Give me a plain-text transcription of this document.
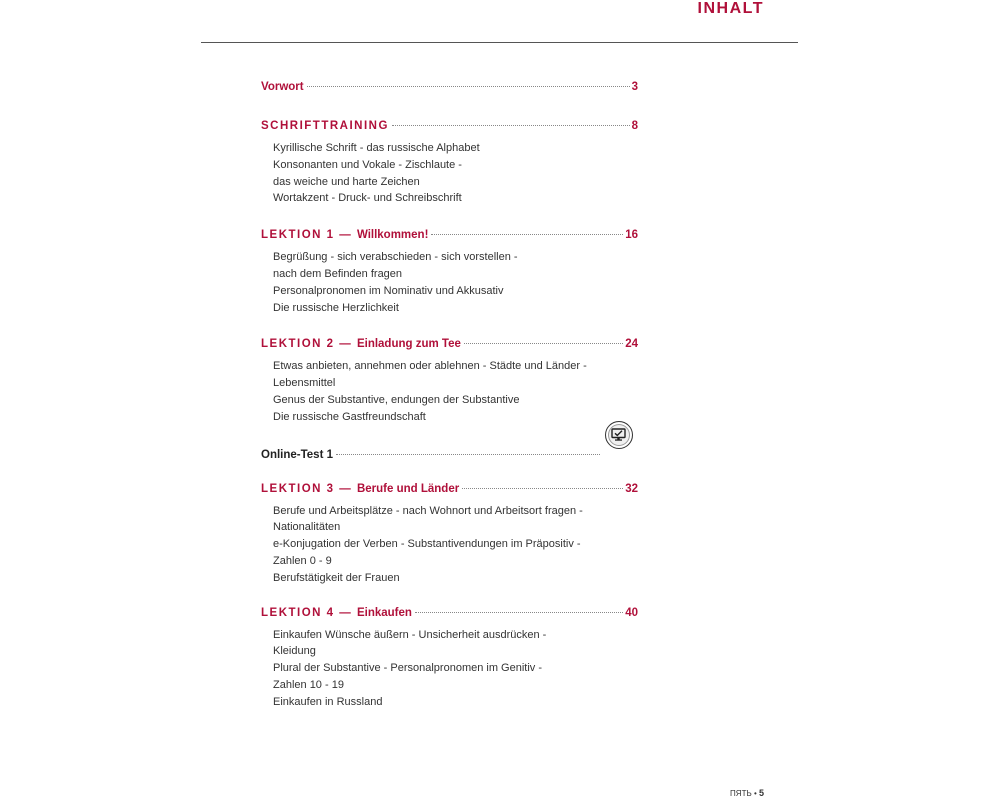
INHALT
Vorwort	3
SCHRIFTTRAINING	8
Kyrillische Schrift - das russische Alphabet
Konsonanten und Vokale - Zischlaute -
das weiche und harte Zeichen
Wortakzent - Druck- und Schreibschrift
LEKTION 1 — Willkommen!	16
Begrüßung - sich verabschieden - sich vorstellen -
nach dem Befinden fragen
Personalpronomen im Nominativ und Akkusativ
Die russische Herzlichkeit
LEKTION 2 — Einladung zum Tee	24
Etwas anbieten, annehmen oder ablehnen - Städte und Länder -
Lebensmittel
Genus der Substantive, endungen der Substantive
Die russische Gastfreundschaft
Online-Test 1
LEKTION 3 — Berufe und Länder	32
Berufe und Arbeitsplätze - nach Wohnort und Arbeitsort fragen -
Nationalitäten
e-Konjugation der Verben - Substantivendungen im Präpositiv -
Zahlen 0 - 9
Berufstätigkeit der Frauen
LEKTION 4 — Einkaufen	40
Einkaufen Wünsche äußern - Unsicherheit ausdrücken -
Kleidung
Plural der Substantive - Personalpronomen im Genitiv -
Zahlen 10 - 19
Einkaufen in Russland
ПЯТЬ • 5
